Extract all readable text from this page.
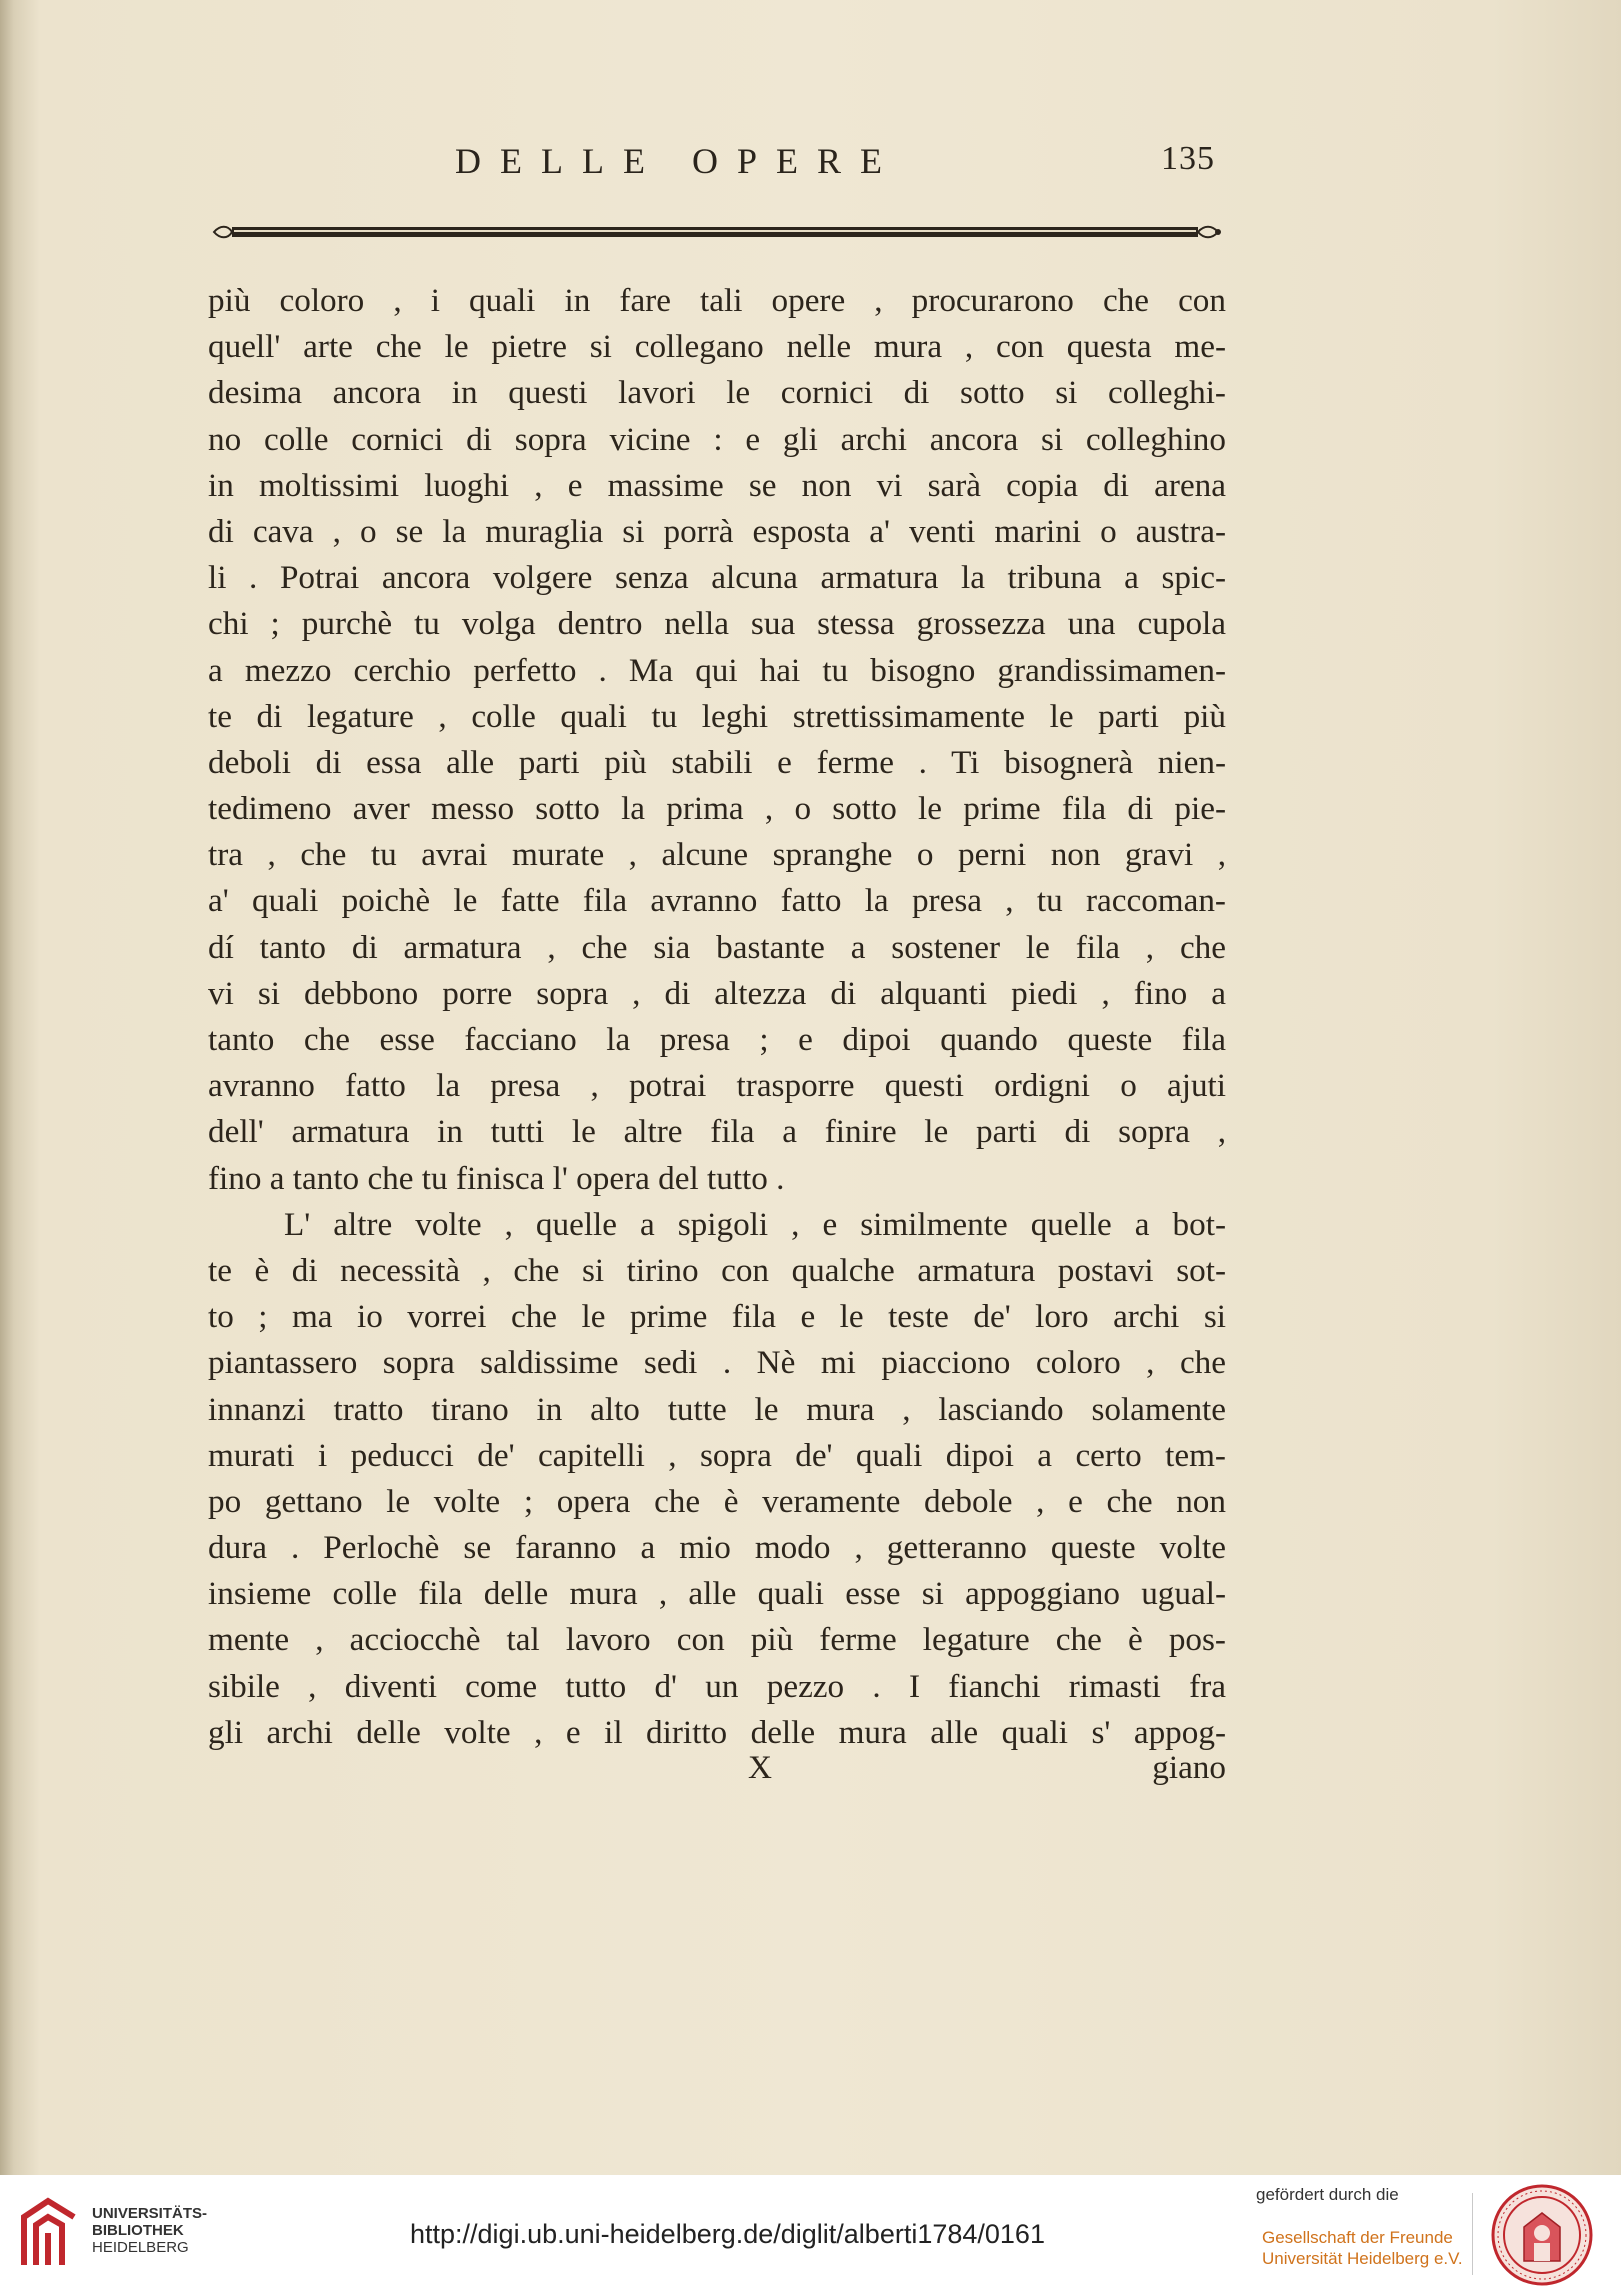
DELLE OPERE	135
più coloro , i quali in fare tali opere , procurarono che con
quell' arte che le pietre si collegano nelle mura , con questa me-
desima ancora in questi lavori le cornici di sotto si colleghi-
no colle cornici di sopra vicine : e gli archi ancora si colleghino
in moltissimi luoghi , e massime se non vi sarà copia di arena
di cava , o se la muraglia si porrà esposta a' venti marini o austra-
li . Potrai ancora volgere senza alcuna armatura la tribuna a spic-
chi ; purchè tu volga dentro nella sua stessa grossezza una cupola
a mezzo cerchio perfetto . Ma qui hai tu bisogno grandissimamen-
te di legature , colle quali tu leghi strettissimamente le parti più
deboli di essa alle parti più stabili e ferme . Ti bisognerà nien-
tedimeno aver messo sotto la prima , o sotto le prime fila di pie-
tra , che tu avrai murate , alcune spranghe o perni non gravi ,
a' quali poichè le fatte fila avranno fatto la presa , tu raccoman-
dí tanto di armatura , che sia bastante a sostener le fila , che
vi si debbono porre sopra , di altezza di alquanti piedi , fino a
tanto che esse facciano la presa ; e dipoi quando queste fila
avranno fatto la presa , potrai trasporre questi ordigni o ajuti
dell' armatura in tutti le altre fila a finire le parti di sopra ,
fino a tanto che tu finisca l' opera del tutto .
L' altre volte , quelle a spigoli , e similmente quelle a bot-
te è di necessità , che si tirino con qualche armatura postavi sot-
to ; ma io vorrei che le prime fila e le teste de' loro archi si
piantassero sopra saldissime sedi . Nè mi piacciono coloro , che
innanzi tratto tirano in alto tutte le mura , lasciando solamente
murati i peducci de' capitelli , sopra de' quali dipoi a certo tem-
po gettano le volte ; opera che è veramente debole , e che non
dura . Perlochè se faranno a mio modo , getteranno queste volte
insieme colle fila delle mura , alle quali esse si appoggiano ugual-
mente , acciocchè tal lavoro con più ferme legature che è pos-
sibile , diventi come tutto d' un pezzo . I fianchi rimasti fra
gli archi delle volte , e il diritto delle mura alle quali s' appog-
X	giano
UNIVERSITÄTS-
BIBLIOTHEK
HEIDELBERG	http://digi.ub.uni-heidelberg.de/diglit/alberti1784/0161
gefördert durch die
Gesellschaft der Freunde
Universität Heidelberg e.V.
